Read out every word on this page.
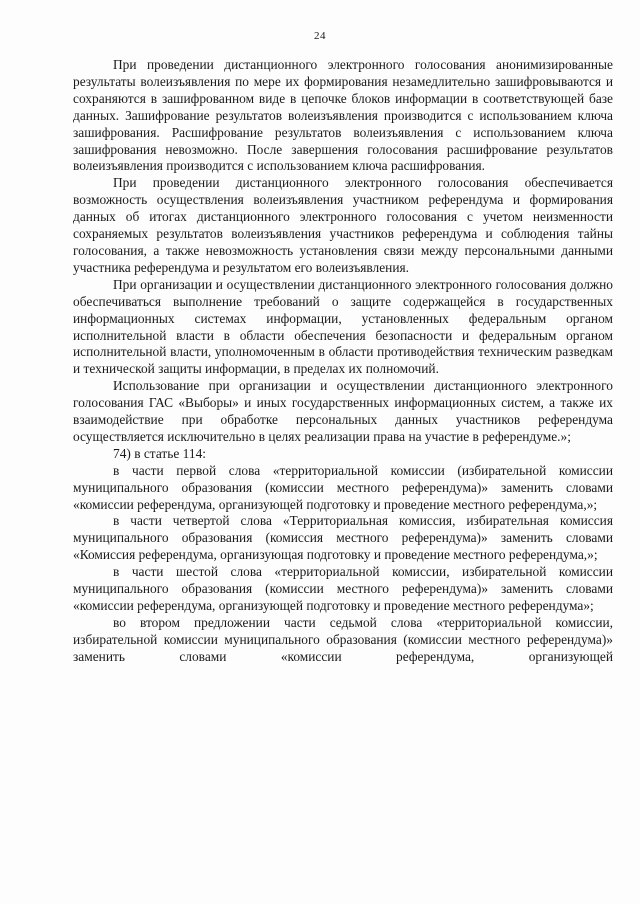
24

При проведении дистанционного электронного голосования анонимизированные результаты волеизъявления по мере их формирования незамедлительно зашифровываются и сохраняются в зашифрованном виде в цепочке блоков информации в соответствующей базе данных. Зашифрование результатов волеизъявления производится с использованием ключа зашифрования. Расшифрование результатов волеизъявления с использованием ключа зашифрования невозможно. После завершения голосования расшифрование результатов волеизъявления производится с использованием ключа расшифрования.

При проведении дистанционного электронного голосования обеспечивается возможность осуществления волеизъявления участником референдума и формирования данных об итогах дистанционного электронного голосования с учетом неизменности сохраняемых результатов волеизъявления участников референдума и соблюдения тайны голосования, а также невозможность установления связи между персональными данными участника референдума и результатом его волеизъявления.

При организации и осуществлении дистанционного электронного голосования должно обеспечиваться выполнение требований о защите содержащейся в государственных информационных системах информации, установленных федеральным органом исполнительной власти в области обеспечения безопасности и федеральным органом исполнительной власти, уполномоченным в области противодействия техническим разведкам и технической защиты информации, в пределах их полномочий.

Использование при организации и осуществлении дистанционного электронного голосования ГАС «Выборы» и иных государственных информационных систем, а также их взаимодействие при обработке персональных данных участников референдума осуществляется исключительно в целях реализации права на участие в референдуме.»;

74) в статье 114:

в части первой слова «территориальной комиссии (избирательной комиссии муниципального образования (комиссии местного референдума)» заменить словами «комиссии референдума, организующей подготовку и проведение местного референдума,»;

в части четвертой слова «Территориальная комиссия, избирательная комиссия муниципального образования (комиссия местного референдума)» заменить словами «Комиссия референдума, организующая подготовку и проведение местного референдума,»;

в части шестой слова «территориальной комиссии, избирательной комиссии муниципального образования (комиссии местного референдума)» заменить словами «комиссии референдума, организующей подготовку и проведение местного референдума»;

во втором предложении части седьмой слова «территориальной комиссии, избирательной комиссии муниципального образования (комиссии местного референдума)» заменить словами «комиссии референдума, организующей
